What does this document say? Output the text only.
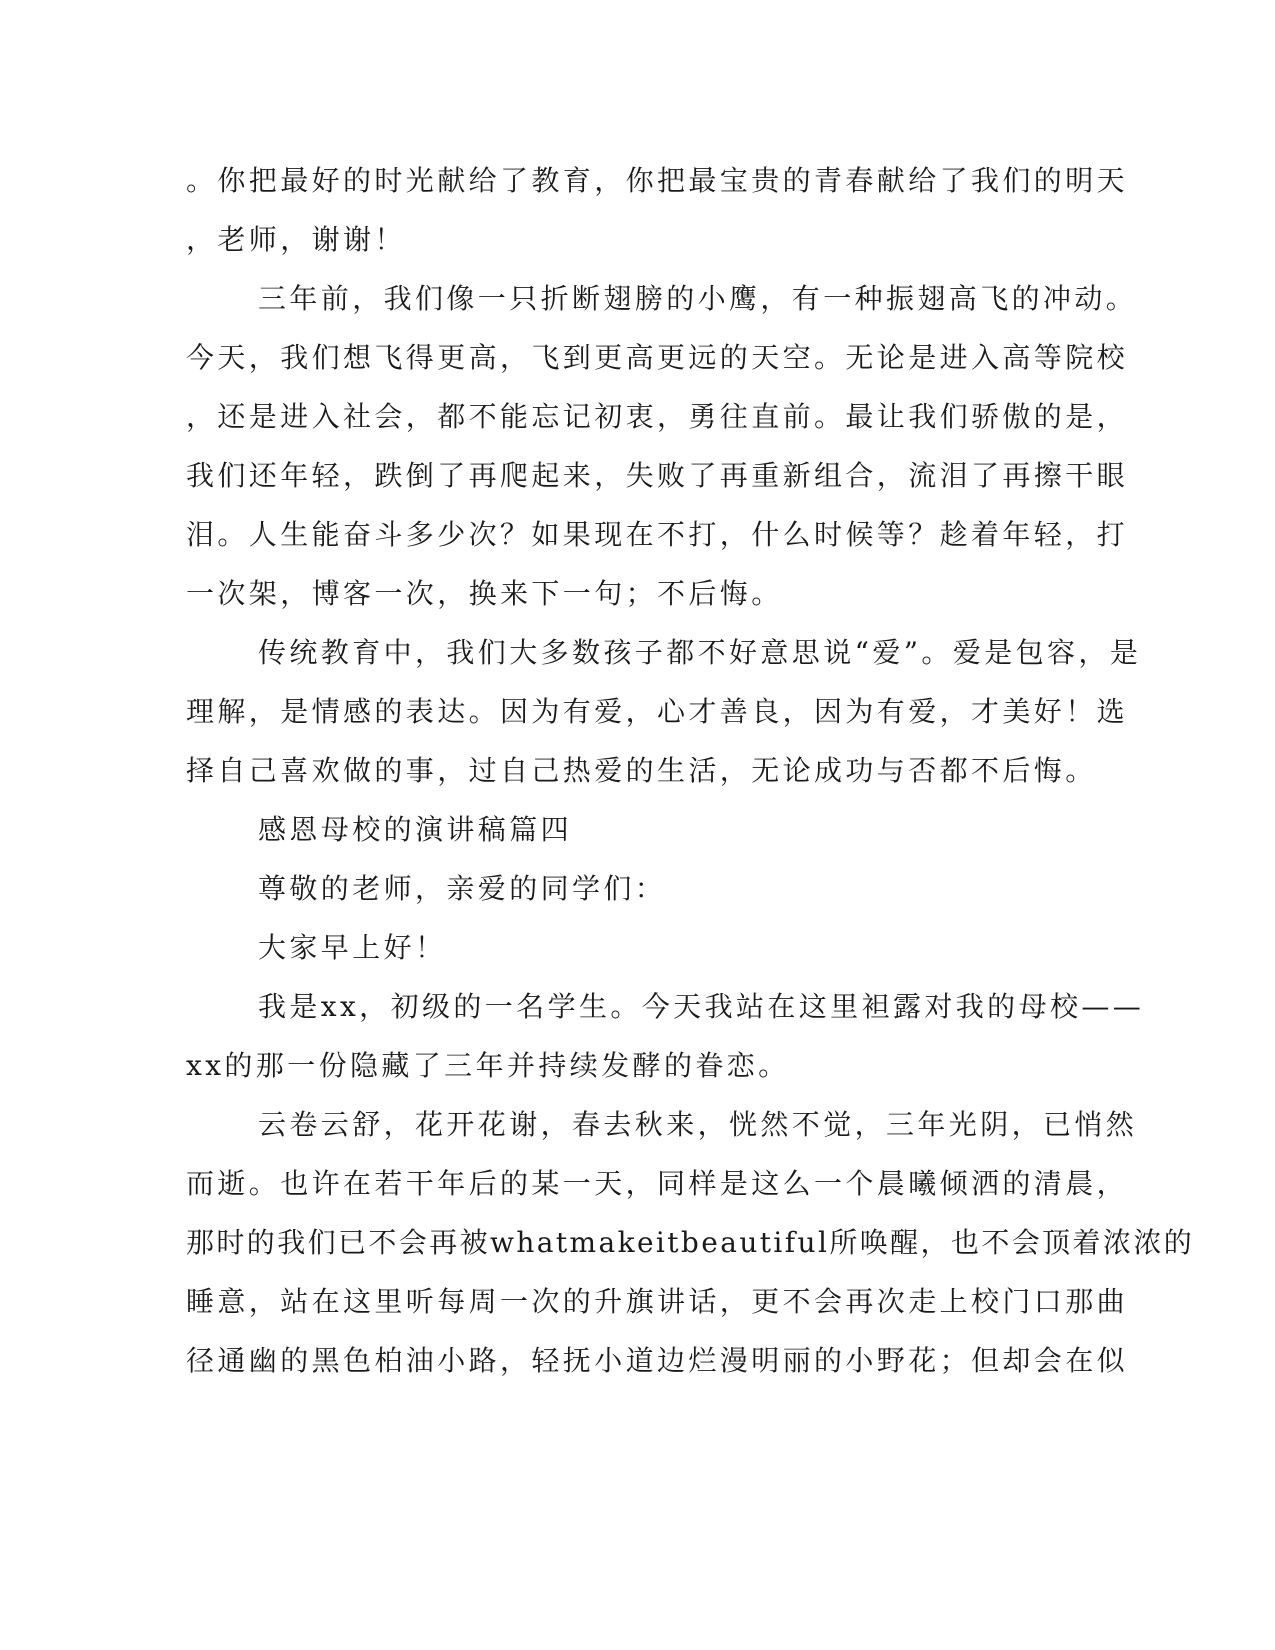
。你把最好的时光献给了教育，你把最宝贵的青春献给了我们的明天
，老师，谢谢！
三年前，我们像一只折断翅膀的小鹰，有一种振翅高飞的冲动。
今天，我们想飞得更高，飞到更高更远的天空。无论是进入高等院校
，还是进入社会，都不能忘记初衷，勇往直前。最让我们骄傲的是，
我们还年轻，跌倒了再爬起来，失败了再重新组合，流泪了再擦干眼
泪。人生能奋斗多少次？如果现在不打，什么时候等？趁着年轻，打
一次架，博客一次，换来下一句；不后悔。
传统教育中，我们大多数孩子都不好意思说“爱”。爱是包容，是
理解，是情感的表达。因为有爱，心才善良，因为有爱，才美好！选
择自己喜欢做的事，过自己热爱的生活，无论成功与否都不后悔。
感恩母校的演讲稿篇四
尊敬的老师，亲爱的同学们：
大家早上好！
我是xx，初级的一名学生。今天我站在这里袒露对我的母校——
xx的那一份隐藏了三年并持续发酵的眷恋。
云卷云舒，花开花谢，春去秋来，恍然不觉，三年光阴，已悄然
而逝。也许在若干年后的某一天，同样是这么一个晨曦倾洒的清晨，
那时的我们已不会再被whatmakeitbeautiful所唤醒，也不会顶着浓浓的
睡意，站在这里听每周一次的升旗讲话，更不会再次走上校门口那曲
径通幽的黑色柏油小路，轻抚小道边烂漫明丽的小野花；但却会在似
